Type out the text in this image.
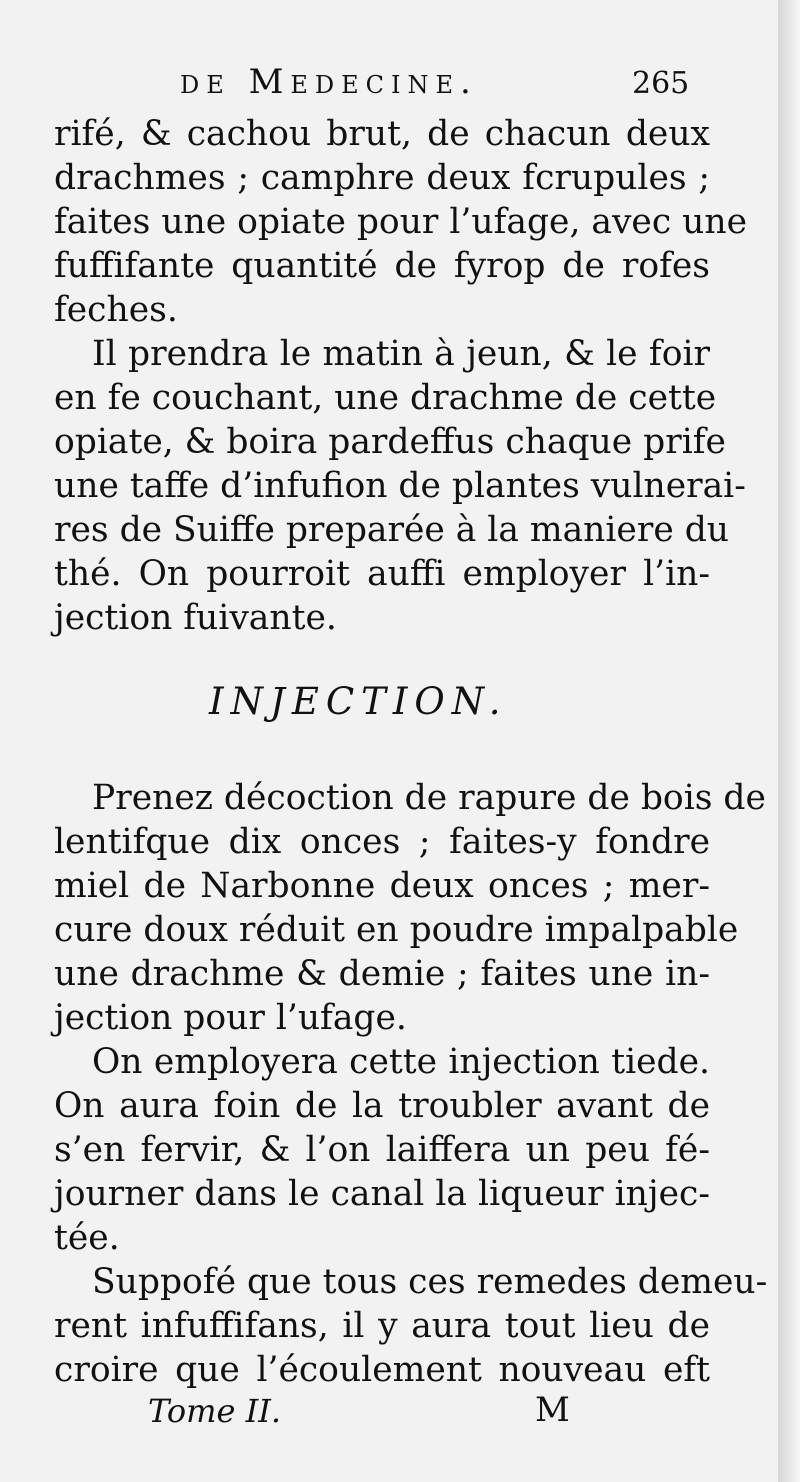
de Medecine.	265
rifé, & cachou brut, de chacun deux
drachmes ; camphre deux fcrupules ;
faites une opiate pour l’ufage, avec une
fuffifante quantité de fyrop de rofes
feches.
Il prendra le matin à jeun, & le foir
en fe couchant, une drachme de cette
opiate, & boira pardeffus chaque prife
une taffe d’infufion de plantes vulnerai-
res de Suiffe preparée à la maniere du
thé. On pourroit auffi employer l’in-
jection fuivante.
INJECTION.
Prenez décoction de rapure de bois de
lentifque dix onces ; faites-y fondre
miel de Narbonne deux onces ; mer-
cure doux réduit en poudre impalpable
une drachme & demie ; faites une in-
jection pour l’ufage.
On employera cette injection tiede.
On aura foin de la troubler avant de
s’en fervir, & l’on laiffera un peu fé-
journer dans le canal la liqueur injec-
tée.
Suppofé que tous ces remedes demeu-
rent infuffifans, il y aura tout lieu de
croire que l’écoulement nouveau eft
Tome II.	M
